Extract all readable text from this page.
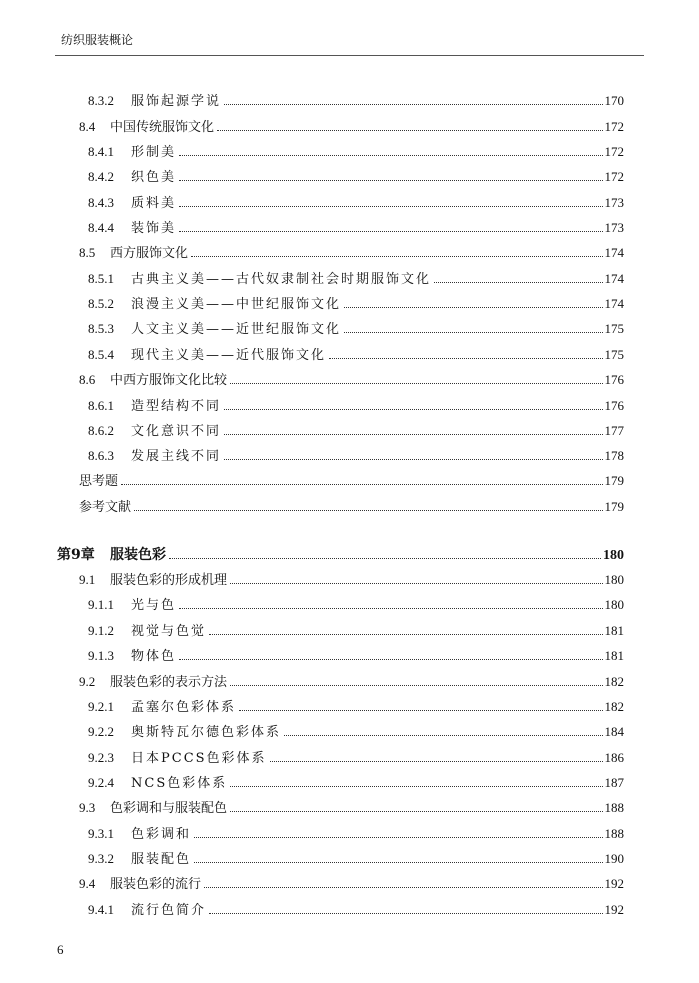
纺织服装概论
8.3.2	服饰起源学说	170
8.4	中国传统服饰文化	172
8.4.1	形制美	172
8.4.2	织色美	172
8.4.3	质料美	173
8.4.4	装饰美	173
8.5	西方服饰文化	174
8.5.1	古典主义美——古代奴隶制社会时期服饰文化	174
8.5.2	浪漫主义美——中世纪服饰文化	174
8.5.3	人文主义美——近世纪服饰文化	175
8.5.4	现代主义美——近代服饰文化	175
8.6	中西方服饰文化比较	176
8.6.1	造型结构不同	176
8.6.2	文化意识不同	177
8.6.3	发展主线不同	178
思考题	179
参考文献	179
第9章	服装色彩	180
9.1	服装色彩的形成机理	180
9.1.1	光与色	180
9.1.2	视觉与色觉	181
9.1.3	物体色	181
9.2	服装色彩的表示方法	182
9.2.1	孟塞尔色彩体系	182
9.2.2	奥斯特瓦尔德色彩体系	184
9.2.3	日本PCCS色彩体系	186
9.2.4	NCS色彩体系	187
9.3	色彩调和与服装配色	188
9.3.1	色彩调和	188
9.3.2	服装配色	190
9.4	服装色彩的流行	192
9.4.1	流行色简介	192
6
